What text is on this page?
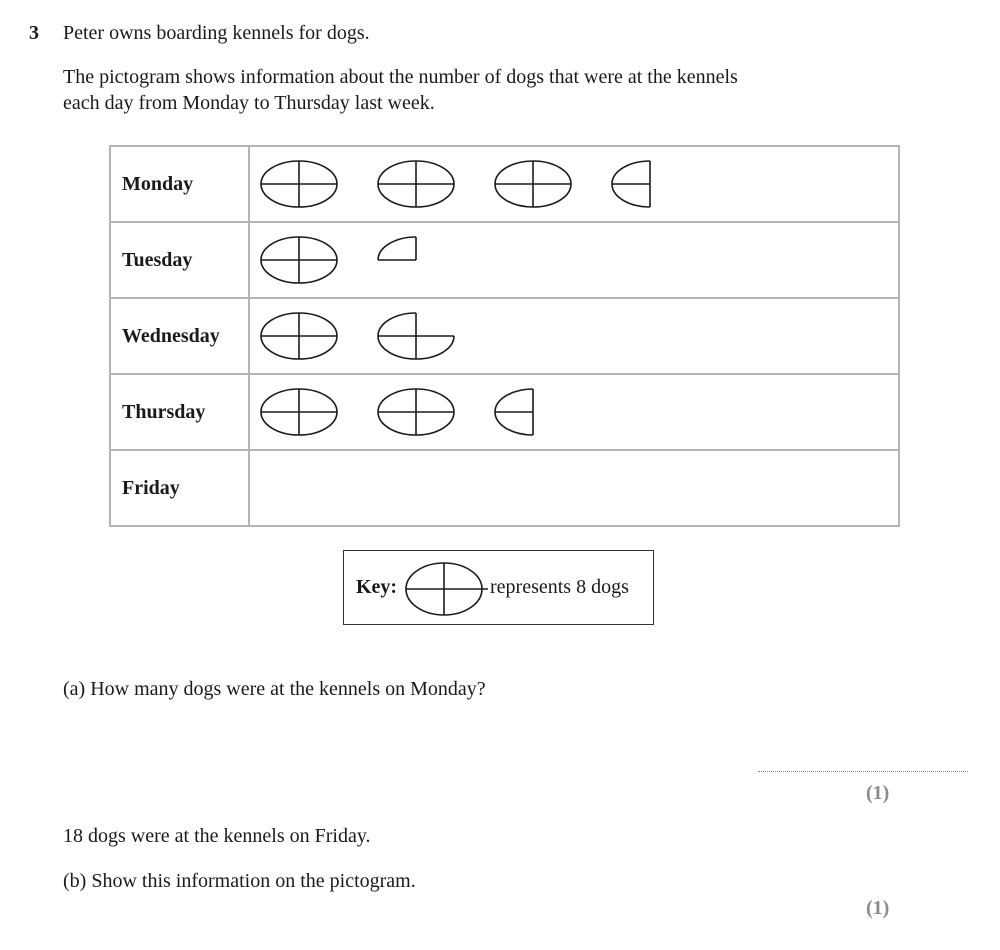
3 Peter owns boarding kennels for dogs.
The pictogram shows information about the number of dogs that were at the kennels
each day from Monday to Thursday last week.
Monday	

Tuesday	

Wednesday	

Thursday	

Friday	
Key:	represents 8 dogs
(a) How many dogs were at the kennels on Monday?
(1)
18 dogs were at the kennels on Friday.
(b) Show this information on the pictogram.
(1)
